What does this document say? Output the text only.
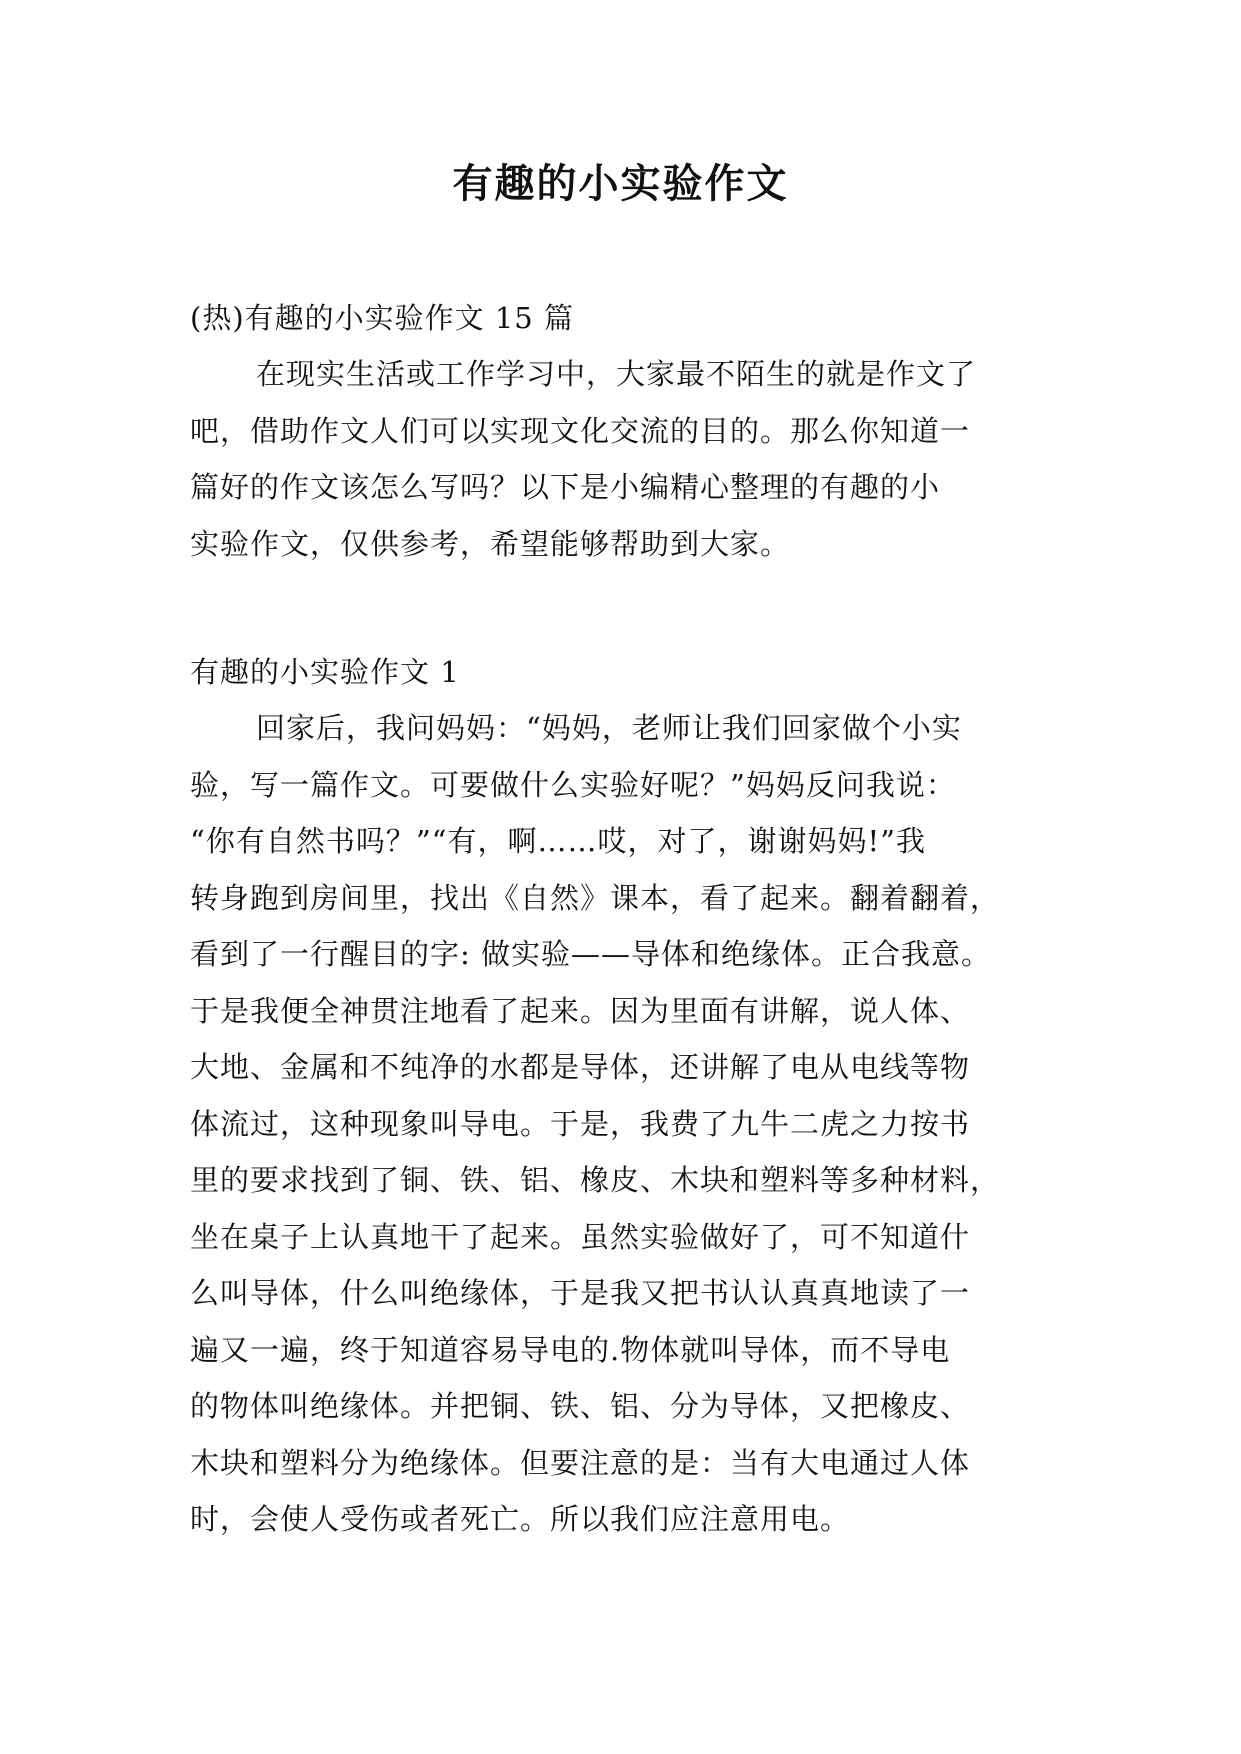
有趣的小实验作文
(热)有趣的小实验作文 15 篇
在现实生活或工作学习中，大家最不陌生的就是作文了
吧，借助作文人们可以实现文化交流的目的。那么你知道一
篇好的作文该怎么写吗？以下是小编精心整理的有趣的小
实验作文，仅供参考，希望能够帮助到大家。
有趣的小实验作文 1
回家后，我问妈妈：“妈妈，老师让我们回家做个小实
验，写一篇作文。可要做什么实验好呢？”妈妈反问我说：
“你有自然书吗？”“有，啊……哎，对了，谢谢妈妈!”我
转身跑到房间里，找出《自然》课本，看了起来。翻着翻着，
看到了一行醒目的字: 做实验——导体和绝缘体。正合我意。
于是我便全神贯注地看了起来。因为里面有讲解，说人体、
大地、金属和不纯净的水都是导体，还讲解了电从电线等物
体流过，这种现象叫导电。于是，我费了九牛二虎之力按书
里的要求找到了铜、铁、铝、橡皮、木块和塑料等多种材料，
坐在桌子上认真地干了起来。虽然实验做好了，可不知道什
么叫导体，什么叫绝缘体，于是我又把书认认真真地读了一
遍又一遍，终于知道容易导电的.物体就叫导体，而不导电
的物体叫绝缘体。并把铜、铁、铝、分为导体，又把橡皮、
木块和塑料分为绝缘体。但要注意的是：当有大电通过人体
时，会使人受伤或者死亡。所以我们应注意用电。
